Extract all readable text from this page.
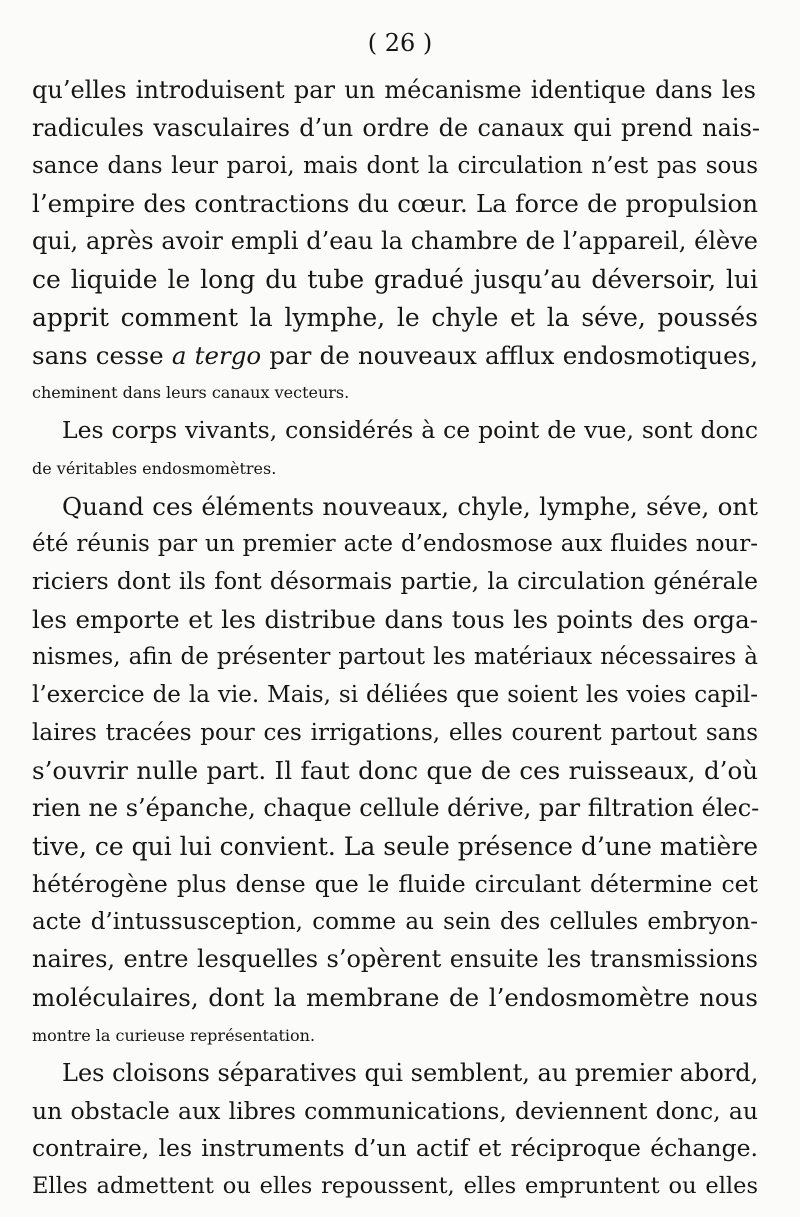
( 26 )
qu’elles introduisent par un mécanisme identique dans les
radicules vasculaires d’un ordre de canaux qui prend nais-
sance dans leur paroi, mais dont la circulation n’est pas sous
l’empire des contractions du cœur. La force de propulsion
qui, après avoir empli d’eau la chambre de l’appareil, élève
ce liquide le long du tube gradué jusqu’au déversoir, lui
apprit comment la lymphe, le chyle et la séve, poussés
sans cesse a tergo par de nouveaux afflux endosmotiques,
cheminent dans leurs canaux vecteurs.
Les corps vivants, considérés à ce point de vue, sont donc
de véritables endosmomètres.
Quand ces éléments nouveaux, chyle, lymphe, séve, ont
été réunis par un premier acte d’endosmose aux fluides nour-
riciers dont ils font désormais partie, la circulation générale
les emporte et les distribue dans tous les points des orga-
nismes, afin de présenter partout les matériaux nécessaires à
l’exercice de la vie. Mais, si déliées que soient les voies capil-
laires tracées pour ces irrigations, elles courent partout sans
s’ouvrir nulle part. Il faut donc que de ces ruisseaux, d’où
rien ne s’épanche, chaque cellule dérive, par filtration élec-
tive, ce qui lui convient. La seule présence d’une matière
hétérogène plus dense que le fluide circulant détermine cet
acte d’intussusception, comme au sein des cellules embryon-
naires, entre lesquelles s’opèrent ensuite les transmissions
moléculaires, dont la membrane de l’endosmomètre nous
montre la curieuse représentation.
Les cloisons séparatives qui semblent, au premier abord,
un obstacle aux libres communications, deviennent donc, au
contraire, les instruments d’un actif et réciproque échange.
Elles admettent ou elles repoussent, elles empruntent ou elles
